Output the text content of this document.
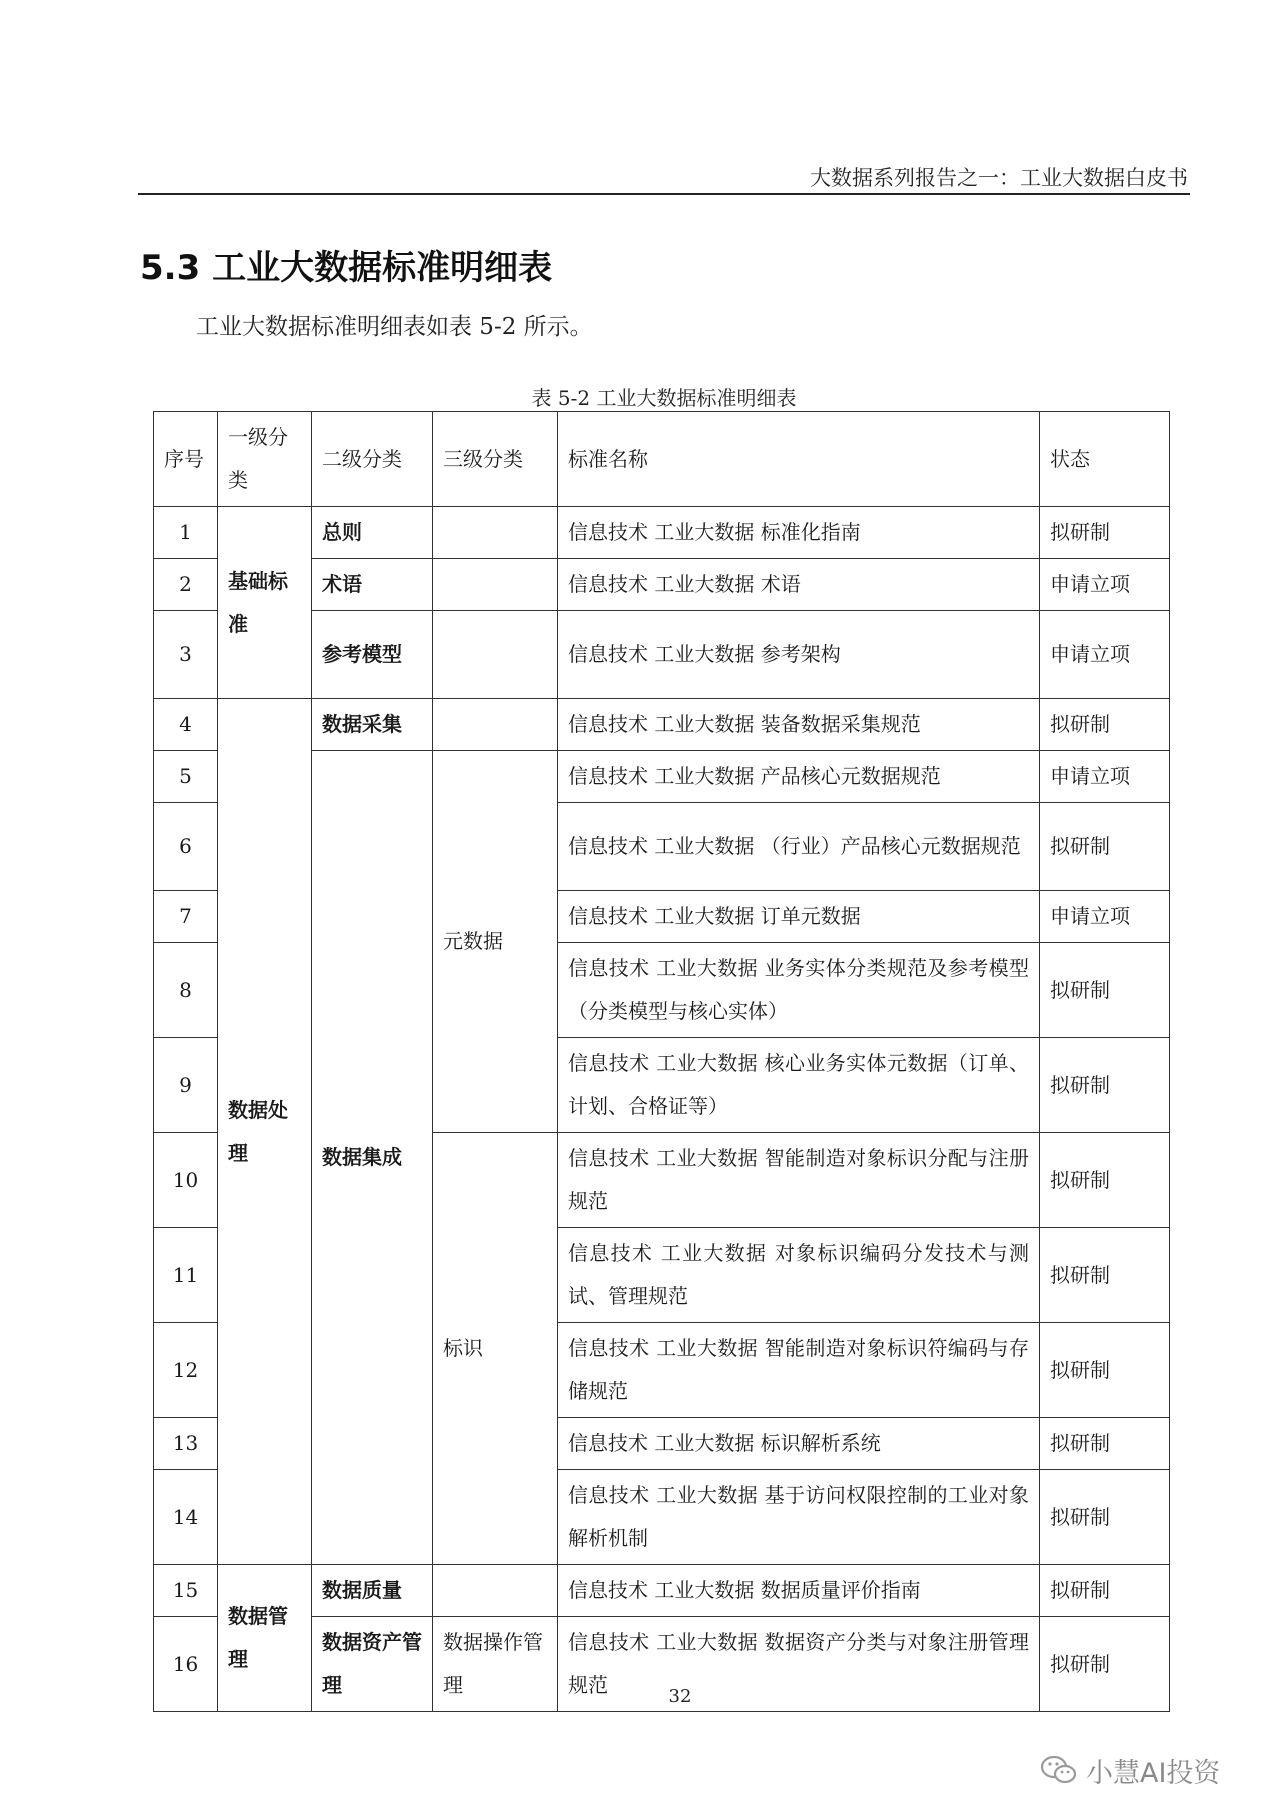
大数据系列报告之一：工业大数据白皮书
5.3 工业大数据标准明细表
工业大数据标准明细表如表 5-2 所示。
表 5-2 工业大数据标准明细表
序号	一级分类	二级分类	三级分类	标准名称	状态
1	基础标准	总则		信息技术 工业大数据 标准化指南	拟研制
2		术语		信息技术 工业大数据 术语	申请立项
3		参考模型		信息技术 工业大数据 参考架构	申请立项
4	数据处理	数据采集		信息技术 工业大数据 装备数据采集规范	拟研制
5		数据集成	元数据	信息技术 工业大数据 产品核心元数据规范	申请立项
6				信息技术 工业大数据 （行业）产品核心元数据规范	拟研制
7				信息技术 工业大数据 订单元数据	申请立项
8				信息技术 工业大数据 业务实体分类规范及参考模型（分类模型与核心实体）	拟研制
9				信息技术 工业大数据 核心业务实体元数据（订单、计划、合格证等）	拟研制
10			标识	信息技术 工业大数据 智能制造对象标识分配与注册规范	拟研制
11				信息技术 工业大数据 对象标识编码分发技术与测试、管理规范	拟研制
12				信息技术 工业大数据 智能制造对象标识符编码与存储规范	拟研制
13				信息技术 工业大数据 标识解析系统	拟研制
14				信息技术 工业大数据 基于访问权限控制的工业对象解析机制	拟研制
15	数据管理	数据质量		信息技术 工业大数据 数据质量评价指南	拟研制
16		数据资产管理	数据操作管理	信息技术 工业大数据 数据资产分类与对象注册管理规范	拟研制
32
小慧AI投资
